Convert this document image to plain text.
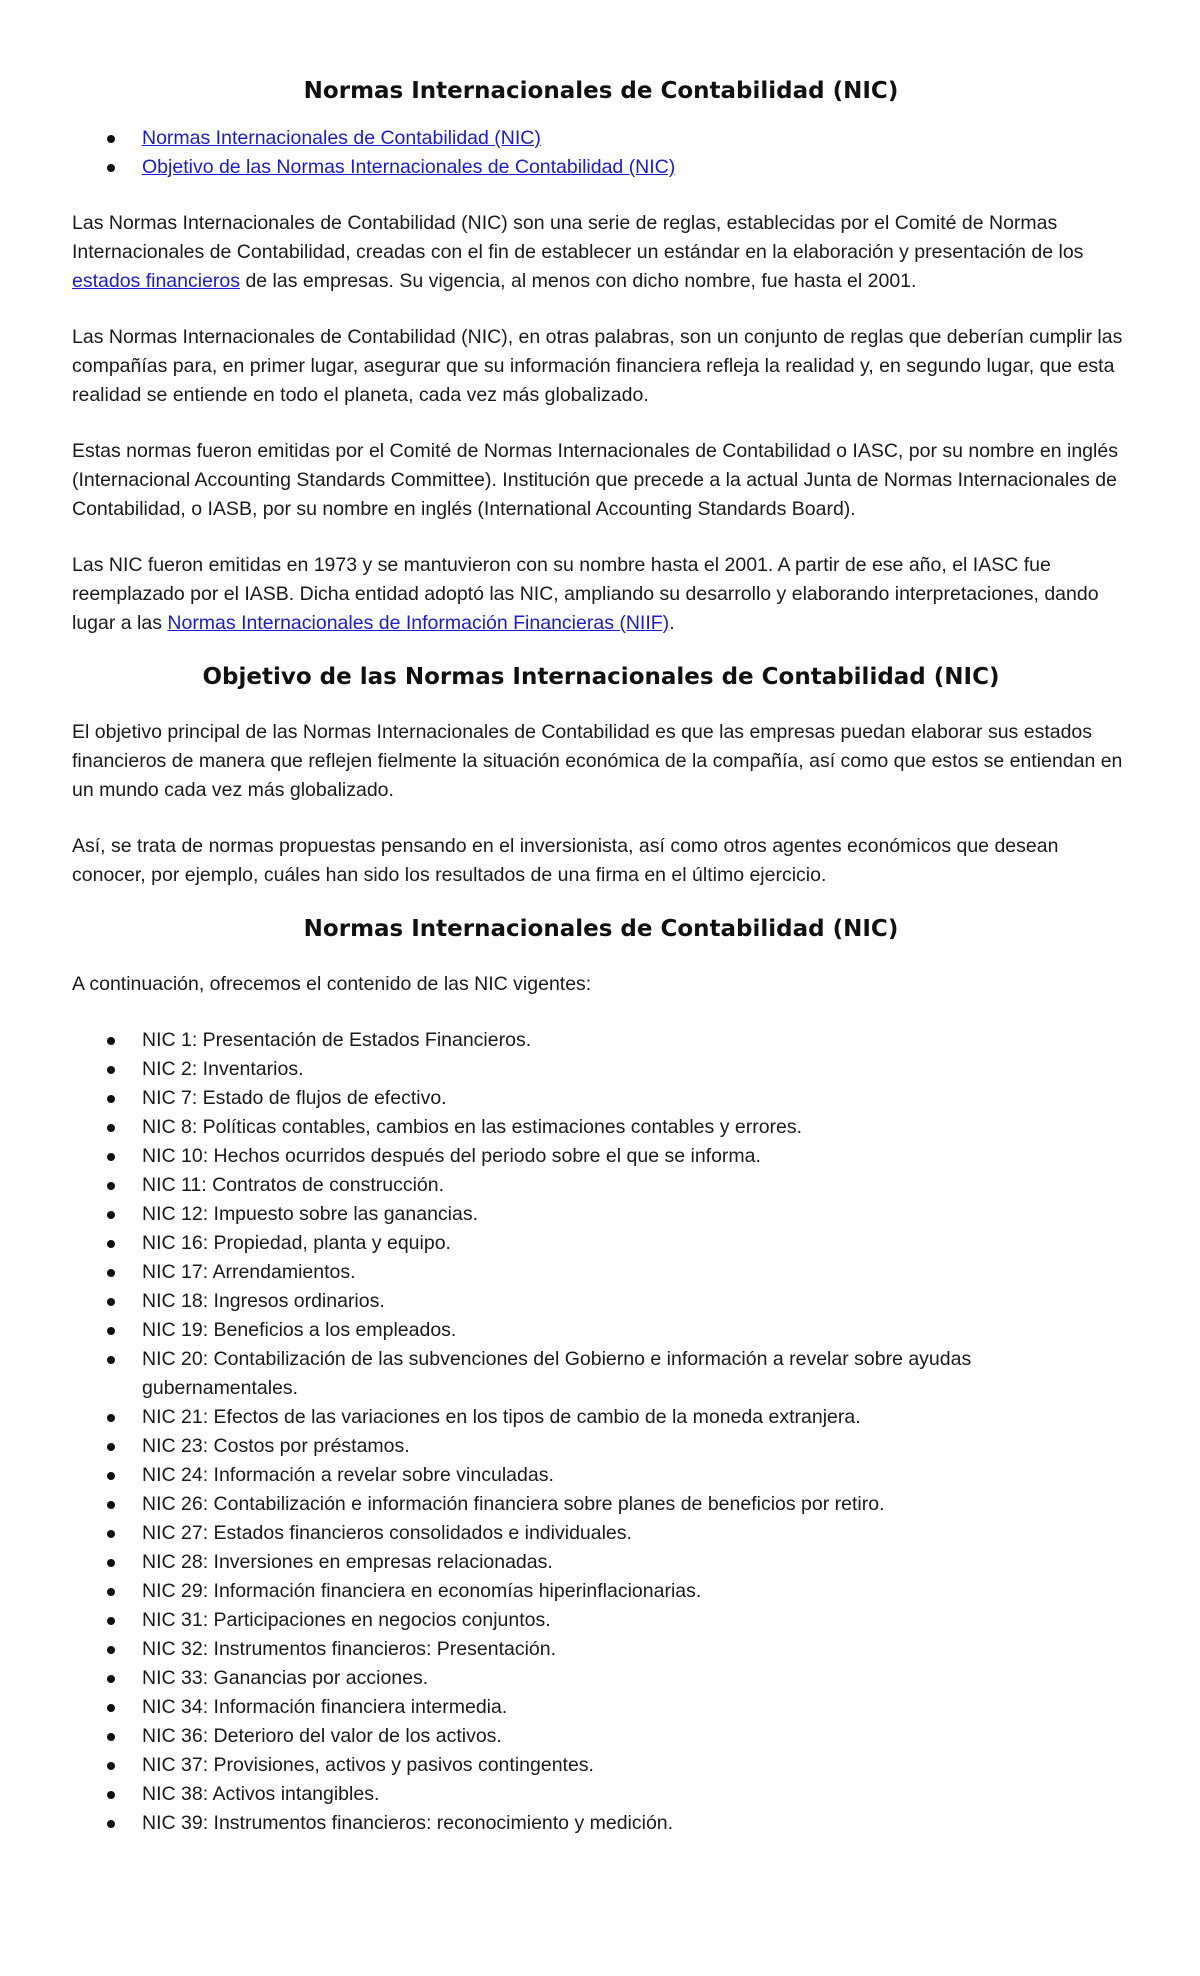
Normas Internacionales de Contabilidad (NIC)
Normas Internacionales de Contabilidad (NIC)
Objetivo de las Normas Internacionales de Contabilidad (NIC)

Las Normas Internacionales de Contabilidad (NIC) son una serie de reglas, establecidas por el Comité de Normas Internacionales de Contabilidad, creadas con el fin de establecer un estándar en la elaboración y presentación de los estados financieros de las empresas. Su vigencia, al menos con dicho nombre, fue hasta el 2001.

Las Normas Internacionales de Contabilidad (NIC), en otras palabras, son un conjunto de reglas que deberían cumplir las compañías para, en primer lugar, asegurar que su información financiera refleja la realidad y, en segundo lugar, que esta realidad se entiende en todo el planeta, cada vez más globalizado.

Estas normas fueron emitidas por el Comité de Normas Internacionales de Contabilidad o IASC, por su nombre en inglés (Internacional Accounting Standards Committee). Institución que precede a la actual Junta de Normas Internacionales de Contabilidad, o IASB, por su nombre en inglés (International Accounting Standards Board).

Las NIC fueron emitidas en 1973 y se mantuvieron con su nombre hasta el 2001. A partir de ese año, el IASC fue reemplazado por el IASB. Dicha entidad adoptó las NIC, ampliando su desarrollo y elaborando interpretaciones, dando lugar a las Normas Internacionales de Información Financieras (NIIF).

Objetivo de las Normas Internacionales de Contabilidad (NIC)

El objetivo principal de las Normas Internacionales de Contabilidad es que las empresas puedan elaborar sus estados financieros de manera que reflejen fielmente la situación económica de la compañía, así como que estos se entiendan en un mundo cada vez más globalizado.

Así, se trata de normas propuestas pensando en el inversionista, así como otros agentes económicos que desean conocer, por ejemplo, cuáles han sido los resultados de una firma en el último ejercicio.

Normas Internacionales de Contabilidad (NIC)

A continuación, ofrecemos el contenido de las NIC vigentes:

NIC 1: Presentación de Estados Financieros.
NIC 2: Inventarios.
NIC 7: Estado de flujos de efectivo.
NIC 8: Políticas contables, cambios en las estimaciones contables y errores.
NIC 10: Hechos ocurridos después del periodo sobre el que se informa.
NIC 11: Contratos de construcción.
NIC 12: Impuesto sobre las ganancias.
NIC 16: Propiedad, planta y equipo.
NIC 17: Arrendamientos.
NIC 18: Ingresos ordinarios.
NIC 19: Beneficios a los empleados.
NIC 20: Contabilización de las subvenciones del Gobierno e información a revelar sobre ayudas gubernamentales.
NIC 21: Efectos de las variaciones en los tipos de cambio de la moneda extranjera.
NIC 23: Costos por préstamos.
NIC 24: Información a revelar sobre vinculadas.
NIC 26: Contabilización e información financiera sobre planes de beneficios por retiro.
NIC 27: Estados financieros consolidados e individuales.
NIC 28: Inversiones en empresas relacionadas.
NIC 29: Información financiera en economías hiperinflacionarias.
NIC 31: Participaciones en negocios conjuntos.
NIC 32: Instrumentos financieros: Presentación.
NIC 33: Ganancias por acciones.
NIC 34: Información financiera intermedia.
NIC 36: Deterioro del valor de los activos.
NIC 37: Provisiones, activos y pasivos contingentes.
NIC 38: Activos intangibles.
NIC 39: Instrumentos financieros: reconocimiento y medición.
